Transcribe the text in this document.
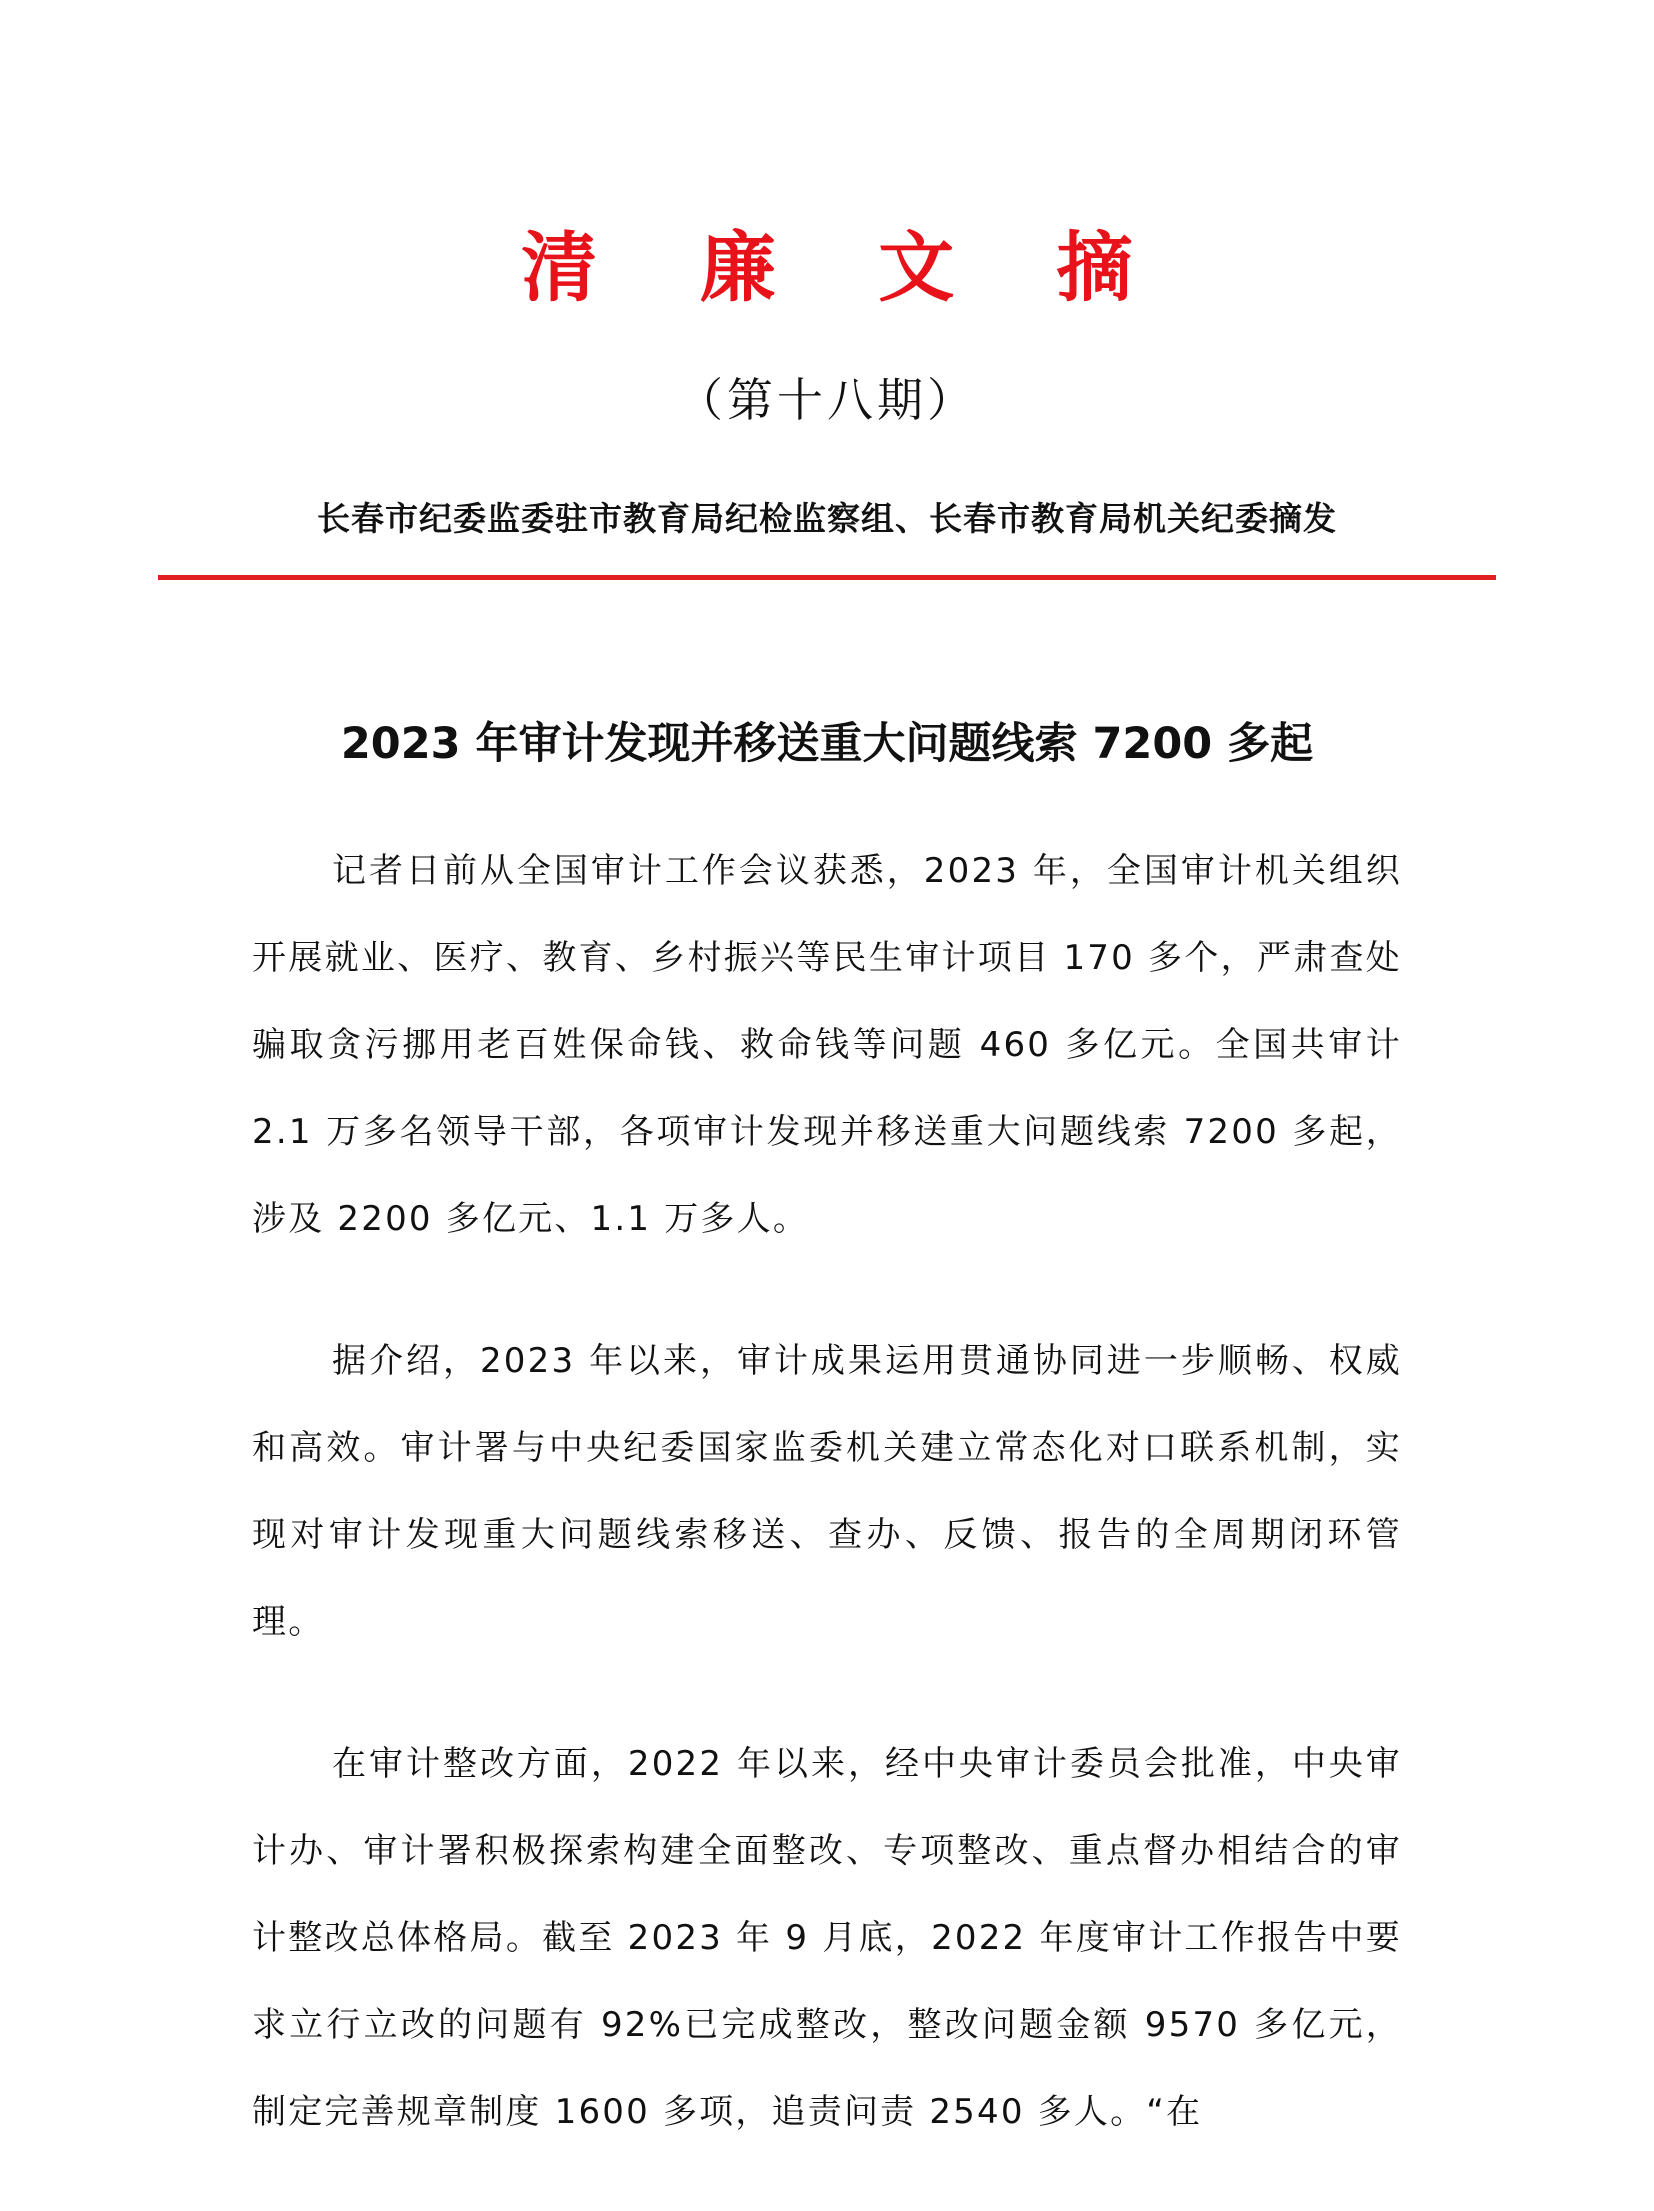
清 廉 文 摘
（第十八期）
长春市纪委监委驻市教育局纪检监察组、长春市教育局机关纪委摘发
2023 年审计发现并移送重大问题线索 7200 多起

记者日前从全国审计工作会议获悉，2023 年，全国审计机关组织开展就业、医疗、教育、乡村振兴等民生审计项目 170 多个，严肃查处骗取贪污挪用老百姓保命钱、救命钱等问题 460 多亿元。全国共审计 2.1 万多名领导干部，各项审计发现并移送重大问题线索 7200 多起，涉及 2200 多亿元、1.1 万多人。

据介绍，2023 年以来，审计成果运用贯通协同进一步顺畅、权威和高效。审计署与中央纪委国家监委机关建立常态化对口联系机制，实现对审计发现重大问题线索移送、查办、反馈、报告的全周期闭环管理。

在审计整改方面，2022 年以来，经中央审计委员会批准，中央审计办、审计署积极探索构建全面整改、专项整改、重点督办相结合的审计整改总体格局。截至 2023 年 9 月底，2022 年度审计工作报告中要求立行立改的问题有 92%已完成整改，整改问题金额 9570 多亿元，制定完善规章制度 1600 多项，追责问责 2540 多人。“在
